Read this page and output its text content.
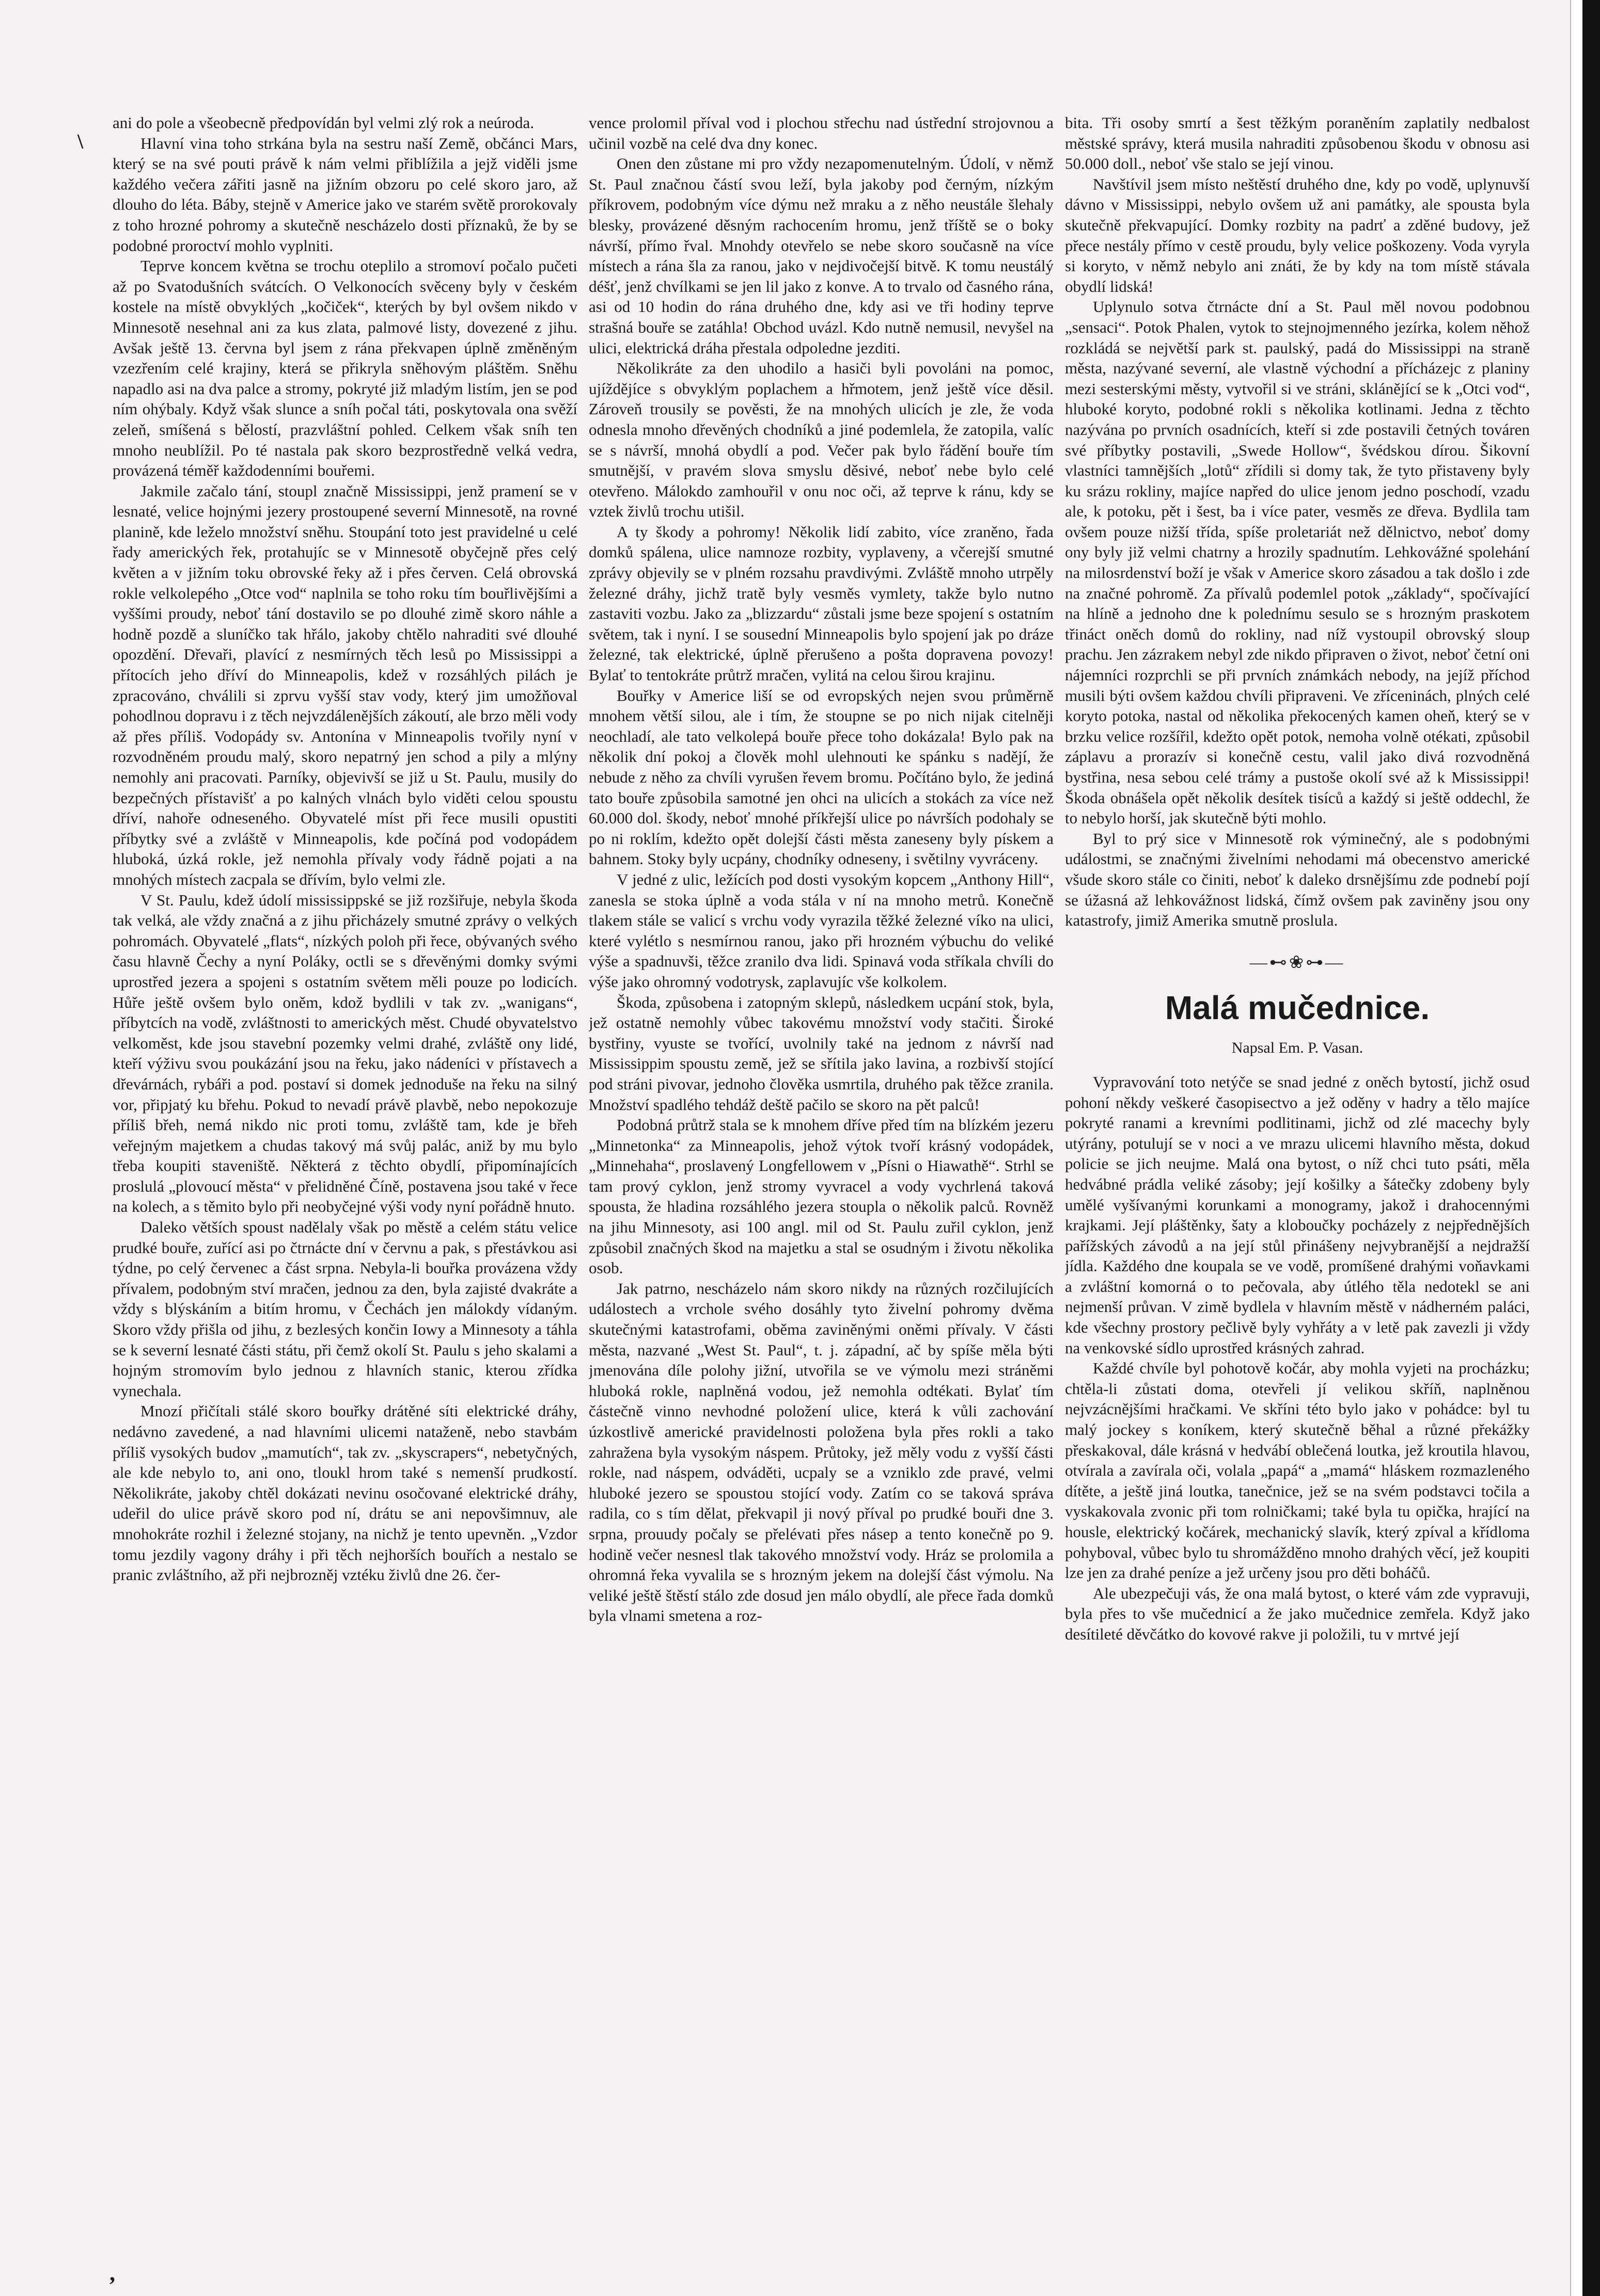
\
,

ani do pole a všeobecně předpovídán byl velmi zlý rok a neúroda.

Hlavní vina toho strkána byla na sestru naší Země, občánci Mars, který se na své pouti právě k nám velmi přiblížila a jejž viděli jsme každého večera zářiti jasně na jižním obzoru po celé skoro jaro, až dlouho do léta. Báby, stejně v Americe jako ve starém světě prorokovaly z toho hrozné pohromy a skutečně nescházelo dosti příznaků, že by se podobné proroctví mohlo vyplniti.

Teprve koncem května se trochu oteplilo a stromoví počalo pučeti až po Svatodušních svátcích. O Velkonocích svěceny byly v českém kostele na místě obvyklých „kočiček“, kterých by byl ovšem nikdo v Minnesotě nesehnal ani za kus zlata, palmové listy, dovezené z jihu. Avšak ještě 13. června byl jsem z rána překvapen úplně změněným vzezřením celé krajiny, která se přikryla sněhovým pláštěm. Sněhu napadlo asi na dva palce a stromy, pokryté již mladým listím, jen se pod ním ohýbaly. Když však slunce a sníh počal táti, poskytovala ona svěží zeleň, smíšená s bělostí, prazvláštní pohled. Celkem však sníh ten mnoho neublížil. Po té nastala pak skoro bezprostředně velká vedra, provázená téměř každodenními bouřemi.

Jakmile začalo tání, stoupl značně Mississippi, jenž pramení se v lesnaté, velice hojnými jezery prostoupené severní Minnesotě, na rovné planině, kde leželo množství sněhu. Stoupání toto jest pravidelné u celé řady amerických řek, protahujíc se v Minnesotě obyčejně přes celý květen a v jižním toku obrovské řeky až i přes červen. Celá obrovská rokle velkolepého „Otce vod“ naplnila se toho roku tím bouřlivějšími a vyššími proudy, neboť tání dostavilo se po dlouhé zimě skoro náhle a hodně pozdě a sluníčko tak hřálo, jakoby chtělo nahraditi své dlouhé opozdění. Dřevaři, plavící z nesmírných těch lesů po Mississippi a přítocích jeho dříví do Minneapolis, kdež v rozsáhlých pilách je zpracováno, chválili si zprvu vyšší stav vody, který jim umožňoval pohodlnou dopravu i z těch nejvzdálenějších zákoutí, ale brzo měli vody až přes příliš. Vodopády sv. Antonína v Minneapolis tvořily nyní v rozvodněném proudu malý, skoro nepatrný jen schod a pily a mlýny nemohly ani pracovati. Parníky, objevivší se již u St. Paulu, musily do bezpečných přístavišť a po kalných vlnách bylo viděti celou spoustu dříví, nahoře odneseného. Obyvatelé míst při řece musili opustiti příbytky své a zvláště v Minneapolis, kde počíná pod vodopádem hluboká, úzká rokle, jež nemohla přívaly vody řádně pojati a na mnohých místech zacpala se dřívím, bylo velmi zle.

V St. Paulu, kdež údolí mississippské se již rozšiřuje, nebyla škoda tak velká, ale vždy značná a z jihu přicházely smutné zprávy o velkých pohromách. Obyvatelé „flats“, nízkých poloh při řece, obývaných svého času hlavně Čechy a nyní Poláky, octli se s dřevěnými domky svými uprostřed jezera a spojeni s ostatním světem měli pouze po lodicích. Hůře ještě ovšem bylo oněm, kdož bydlili v tak zv. „wanigans“, příbytcích na vodě, zvláštnosti to amerických měst. Chudé obyvatelstvo velkoměst, kde jsou stavební pozemky velmi drahé, zvláště ony lidé, kteří výživu svou poukázání jsou na řeku, jako nádeníci v přístavech a dřevárnách, rybáři a pod. postaví si domek jednoduše na řeku na silný vor, připjatý ku břehu. Pokud to nevadí právě plavbě, nebo nepokozuje příliš břeh, nemá nikdo nic proti tomu, zvláště tam, kde je břeh veřejným majetkem a chudas takový má svůj palác, aniž by mu bylo třeba koupiti staveniště. Některá z těchto obydlí, připomínajících proslulá „plovoucí města“ v přelidněné Číně, postavena jsou také v řece na kolech, a s těmito bylo při neobyčejné výši vody nyní pořádně hnuto.

Daleko větších spoust nadělaly však po městě a celém státu velice prudké bouře, zuřící asi po čtrnácte dní v červnu a pak, s přestávkou asi týdne, po celý červenec a část srpna. Nebyla-li bouřka provázena vždy přívalem, podobným ství mračen, jednou za den, byla zajisté dvakráte a vždy s blýskáním a bitím hromu, v Čechách jen málokdy vídaným. Skoro vždy přišla od jihu, z bezlesých končin Iowy a Minnesoty a táhla se k severní lesnaté části státu, při čemž okolí St. Paulu s jeho skalami a hojným stromovím bylo jednou z hlavních stanic, kterou zřídka vynechala.

Mnozí přičítali stálé skoro bouřky drátěné síti elektrické dráhy, nedávno zavedené, a nad hlavními ulicemi nataženě, nebo stavbám příliš vysokých budov „mamutích“, tak zv. „skyscrapers“, nebetyčných, ale kde nebylo to, ani ono, tloukl hrom také s nemenší prudkostí. Několikráte, jakoby chtěl dokázati nevinu osočované elektrické dráhy, udeřil do ulice právě skoro pod ní, drátu se ani nepovšimnuv, ale mnohokráte rozhil i železné stojany, na nichž je tento upevněn. „Vzdor tomu jezdily vagony dráhy i při těch nejhorších bouřích a nestalo se pranic zvláštního, až při nejbrozněj vztéku živlů dne 26. čer-

vence prolomil příval vod i plochou střechu nad ústřední strojovnou a učinil vozbě na celé dva dny konec.

Onen den zůstane mi pro vždy nezapomenutelným. Údolí, v němž St. Paul značnou částí svou leží, byla jakoby pod černým, nízkým příkrovem, podobným více dýmu než mraku a z něho neustále šlehaly blesky, provázené děsným rachocením hromu, jenž tříště se o boky návrší, přímo řval. Mnohdy otevřelo se nebe skoro současně na více místech a rána šla za ranou, jako v nejdivočejší bitvě. K tomu neustálý déšť, jenž chvílkami se jen lil jako z konve. A to trvalo od časného rána, asi od 10 hodin do rána druhého dne, kdy asi ve tři hodiny teprve strašná bouře se zatáhla! Obchod uvázl. Kdo nutně nemusil, nevyšel na ulici, elektrická dráha přestala odpoledne jezditi.

Několikráte za den uhodilo a hasiči byli povoláni na pomoc, ujíždějíce s obvyklým poplachem a hřmotem, jenž ještě více děsil. Zároveň trousily se pověsti, že na mnohých ulicích je zle, že voda odnesla mnoho dřevěných chodníků a jiné podemlela, že zatopila, valíc se s návrší, mnohá obydlí a pod. Večer pak bylo řádění bouře tím smutnější, v pravém slova smyslu děsivé, neboť nebe bylo celé otevřeno. Málokdo zamhouřil v onu noc oči, až teprve k ránu, kdy se vztek živlů trochu utišil.

A ty škody a pohromy! Několik lidí zabito, více zraněno, řada domků spálena, ulice namnoze rozbity, vyplaveny, a včerejší smutné zprávy objevily se v plném rozsahu pravdivými. Zvláště mnoho utrpěly železné dráhy, jichž tratě byly vesměs vymlety, takže bylo nutno zastaviti vozbu. Jako za „blizzardu“ zůstali jsme beze spojení s ostatním světem, tak i nyní. I se sousední Minneapolis bylo spojení jak po dráze železné, tak elektrické, úplně přerušeno a pošta dopravena povozy! Bylať to tentokráte průtrž mračen, vylitá na celou širou krajinu.

Bouřky v Americe liší se od evropských nejen svou průměrně mnohem větší silou, ale i tím, že stoupne se po nich nijak citelněji neochladí, ale tato velkolepá bouře přece toho dokázala! Bylo pak na několik dní pokoj a člověk mohl ulehnouti ke spánku s nadějí, že nebude z něho za chvíli vyrušen řevem bromu. Počítáno bylo, že jediná tato bouře způsobila samotné jen ohci na ulicích a stokách za více než 60.000 dol. škody, neboť mnohé příkřejší ulice po návrších podohaly se po ni roklím, kdežto opět dolejší části města zaneseny byly pískem a bahnem. Stoky byly ucpány, chodníky odneseny, i světilny vyvráceny.

V jedné z ulic, ležících pod dosti vysokým kopcem „Anthony Hill“, zanesla se stoka úplně a voda stála v ní na mnoho metrů. Konečně tlakem stále se valicí s vrchu vody vyrazila těžké železné víko na ulici, které vylétlo s nesmírnou ranou, jako při hrozném výbuchu do veliké výše a spadnuvši, těžce zranilo dva lidi. Spinavá voda stříkala chvíli do výše jako ohromný vodotrysk, zaplavujíc vše kolkolem.

Škoda, způsobena i zatopným sklepů, následkem ucpání stok, byla, jež ostatně nemohly vůbec takovému množství vody stačiti. Široké bystřiny, vyuste se tvořící, uvolnily také na jednom z návrší nad Mississippim spoustu země, jež se sřítila jako lavina, a rozbivší stojící pod stráni pivovar, jednoho člověka usmrtila, druhého pak těžce zranila. Množství spadlého tehdáž deště pačilo se skoro na pět palců!

Podobná průtrž stala se k mnohem dříve před tím na blízkém jezeru „Minnetonka“ za Minneapolis, jehož výtok tvoří krásný vodopádek, „Minnehaha“, proslavený Longfellowem v „Písni o Hiawathě“. Strhl se tam prový cyklon, jenž stromy vyvracel a vody vychrlená taková spousta, že hladina rozsáhlého jezera stoupla o několik palců. Rovněž na jihu Minnesoty, asi 100 angl. mil od St. Paulu zuřil cyklon, jenž způsobil značných škod na majetku a stal se osudným i životu několika osob.

Jak patrno, nescházelo nám skoro nikdy na různých rozčilujících událostech a vrchole svého dosáhly tyto živelní pohromy dvěma skutečnými katastrofami, oběma zaviněnými oněmi přívaly. V části města, nazvané „West St. Paul“, t. j. západní, ač by spíše měla býti jmenována díle polohy jižní, utvořila se ve výmolu mezi stráněmi hluboká rokle, naplněná vodou, jež nemohla odtékati. Bylať tím částečně vinno nevhodné položení ulice, která k vůli zachování úzkostlivě americké pravidelnosti položena byla přes rokli a tako zahražena byla vysokým náspem. Průtoky, jež měly vodu z vyšší části rokle, nad náspem, odváděti, ucpaly se a vzniklo zde pravé, velmi hluboké jezero se spoustou stojící vody. Zatím co se taková správa radila, co s tím dělat, překvapil ji nový příval po prudké bouři dne 3. srpna, prouudy počaly se přelévati přes násep a tento konečně po 9. hodině večer nesnesl tlak takového množství vody. Hráz se prolomila a ohromná řeka vyvalila se s hrozným jekem na dolejší část výmolu. Na veliké ještě štěstí stálo zde dosud jen málo obydlí, ale přece řada domků byla vlnami smetena a roz-

bita. Tři osoby smrtí a šest těžkým poraněním zaplatily nedbalost městské správy, která musila nahraditi způsobenou škodu v obnosu asi 50.000 doll., neboť vše stalo se její vinou.

Navštívil jsem místo neštěstí druhého dne, kdy po vodě, uplynuvší dávno v Mississippi, nebylo ovšem už ani památky, ale spousta byla skutečně překvapující. Domky rozbity na padrť a zděné budovy, jež přece nestály přímo v cestě proudu, byly velice poškozeny. Voda vyryla si koryto, v němž nebylo ani znáti, že by kdy na tom místě stávala obydlí lidská!

Uplynulo sotva čtrnácte dní a St. Paul měl novou podobnou „sensaci“. Potok Phalen, vytok to stejnojmenného jezírka, kolem něhož rozkládá se největší park st. paulský, padá do Mississippi na straně města, nazývané severní, ale vlastně východní a přícházejc z planiny mezi sesterskými městy, vytvořil si ve stráni, sklánějící se k „Otci vod“, hluboké koryto, podobné rokli s několika kotlinami. Jedna z těchto nazývána po prvních osadnících, kteří si zde postavili četných továren své příbytky postavili, „Swede Hollow“, švédskou dírou. Šikovní vlastníci tamnějších „lotů“ zřídili si domy tak, že tyto přistaveny byly ku srázu rokliny, majíce napřed do ulice jenom jedno poschodí, vzadu ale, k potoku, pět i šest, ba i více pater, vesměs ze dřeva. Bydlila tam ovšem pouze nižší třída, spíše proletariát než dělnictvo, neboť domy ony byly již velmi chatrny a hrozily spadnutím. Lehkovážné spolehání na milosrdenství boží je však v Americe skoro zásadou a tak došlo i zde na značné pohromě. Za přívalů podemlel potok „základy“, spočívající na hlíně a jednoho dne k polednímu sesulo se s hrozným praskotem třináct oněch domů do rokliny, nad níž vystoupil obrovský sloup prachu. Jen zázrakem nebyl zde nikdo připraven o život, neboť četní oni nájemníci rozprchli se při prvních známkách nebody, na jejíž příchod musili býti ovšem každou chvíli připraveni. Ve zříceninách, plných celé koryto potoka, nastal od několika překocených kamen oheň, který se v brzku velice rozšířil, kdežto opět potok, nemoha volně otékati, způsobil záplavu a prorazív si konečně cestu, valil jako divá rozvodněná bystřina, nesa sebou celé trámy a pustoše okolí své až k Mississippi! Škoda obnášela opět několik desítek tisíců a každý si ještě oddechl, že to nebylo horší, jak skutečně býti mohlo.

Byl to prý sice v Minnesotě rok výminečný, ale s podobnými událostmi, se značnými živelními nehodami má obecenstvo americké všude skoro stále co činiti, neboť k daleko drsnějšímu zde podnebí pojí se úžasná až lehkovážnost lidská, čímž ovšem pak zaviněny jsou ony katastrofy, jimiž Amerika smutně proslula.

—⊷❀⊶—
Malá mučednice.
Napsal Em. P. Vasan.

Vypravování toto netýče se snad jedné z oněch bytostí, jichž osud pohoní někdy veškeré časopisectvo a jež oděny v hadry a tělo majíce pokryté ranami a krevními podlitinami, jichž od zlé macechy byly utýrány, potulují se v noci a ve mrazu ulicemi hlavního města, dokud policie se jich neujme. Malá ona bytost, o níž chci tuto psáti, měla hedvábné prádla veliké zásoby; její košilky a šátečky zdobeny byly umělé vyšívanými korunkami a monogramy, jakož i drahocennými krajkami. Její pláštěnky, šaty a kloboučky pocházely z nejpřednějších pařížských závodů a na její stůl přinášeny nejvybranější a nejdražší jídla. Každého dne koupala se ve vodě, promíšené drahými voňavkami a zvláštní komorná o to pečovala, aby útlého těla nedotekl se ani nejmenší průvan. V zimě bydlela v hlavním městě v nádherném paláci, kde všechny prostory pečlivě byly vyhřáty a v letě pak zavezli ji vždy na venkovské sídlo uprostřed krásných zahrad.

Každé chvíle byl pohotově kočár, aby mohla vyjeti na procházku; chtěla-li zůstati doma, otevřeli jí velikou skříň, naplněnou nejvzácnějšími hračkami. Ve skříni této bylo jako v pohádce: byl tu malý jockey s koníkem, který skutečně běhal a různé překážky přeskakoval, dále krásná v hedvábí oblečená loutka, jež kroutila hlavou, otvírala a zavírala oči, volala „papá“ a „mamá“ hláskem rozmazleného dítěte, a ještě jiná loutka, tanečnice, jež se na svém podstavci točila a vyskakovala zvonic při tom rolničkami; také byla tu opička, hrající na housle, elektrický kočárek, mechanický slavík, který zpíval a křídloma pohyboval, vůbec bylo tu shromážděno mnoho drahých věcí, jež koupiti lze jen za drahé peníze a jež určeny jsou pro děti boháčů.

Ale ubezpečuji vás, že ona malá bytost, o které vám zde vypravuji, byla přes to vše mučednicí a že jako mučednice zemřela. Když jako desítileté děvčátko do kovové rakve ji položili, tu v mrtvé její
